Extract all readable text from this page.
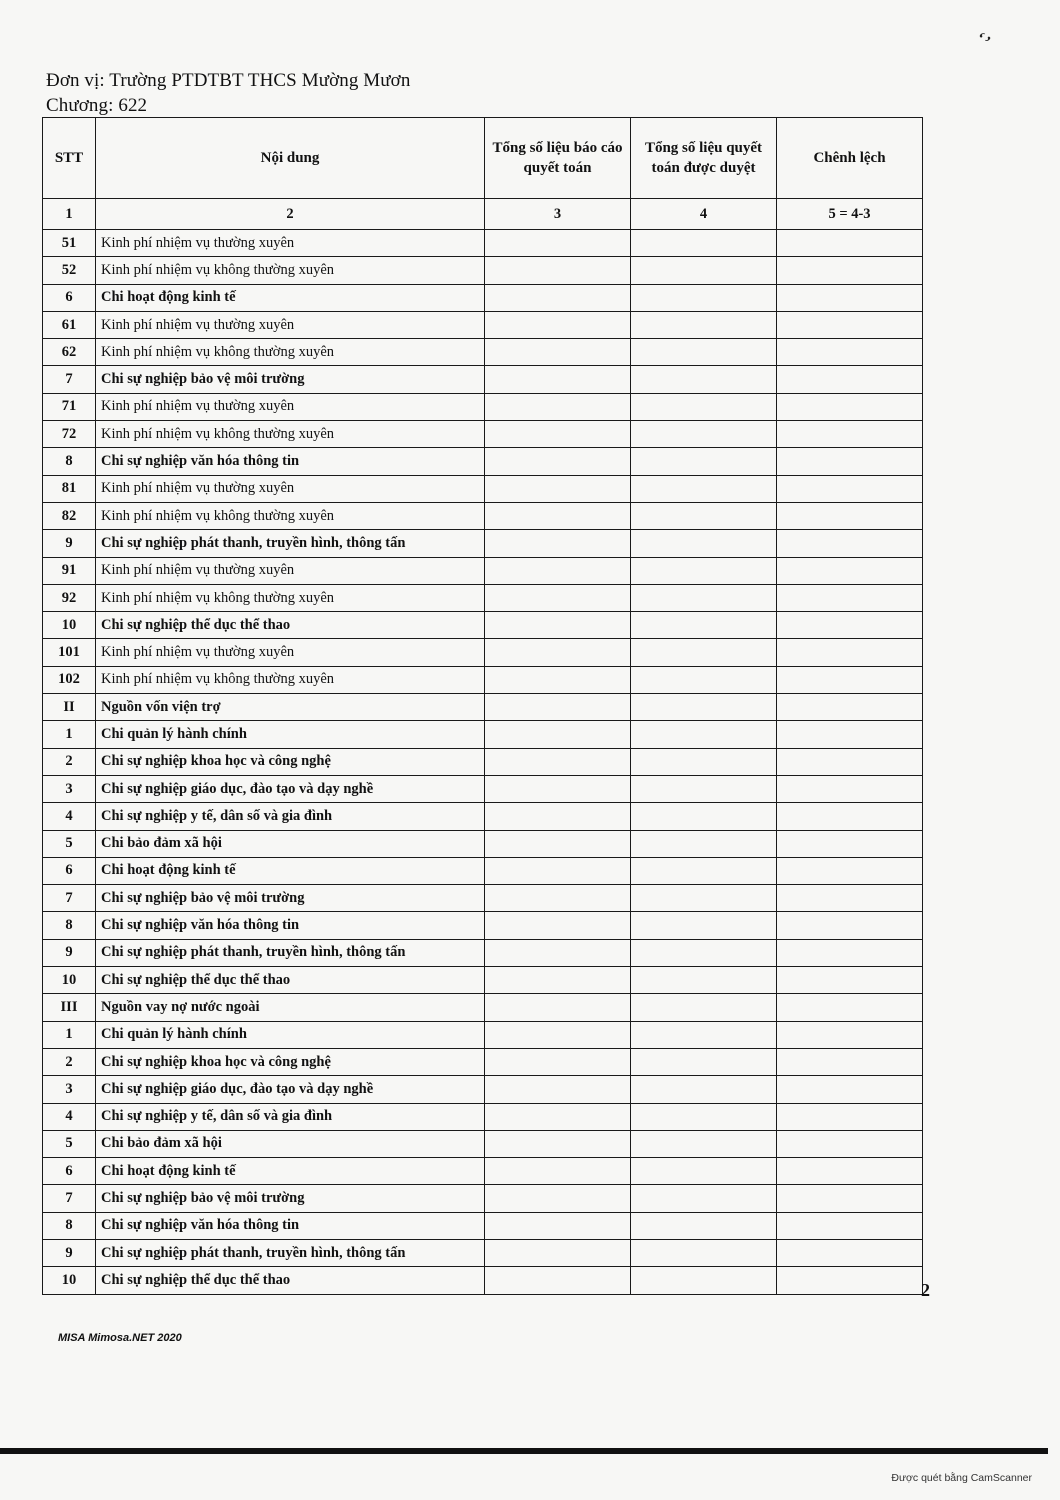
‘’
Đơn vị: Trường PTDTBT THCS Mường Mươn
Chương: 622
STT	Nội dung	Tổng số liệu báo cáo quyết toán	Tổng số liệu quyết toán được duyệt	Chênh lệch
1	2	3	4	5 = 4-3
51	Kinh phí nhiệm vụ thường xuyên			
52	Kinh phí nhiệm vụ không thường xuyên			
6	Chi hoạt động kinh tế			
61	Kinh phí nhiệm vụ thường xuyên			
62	Kinh phí nhiệm vụ không thường xuyên			
7	Chi sự nghiệp bảo vệ môi trường			
71	Kinh phí nhiệm vụ thường xuyên			
72	Kinh phí nhiệm vụ không thường xuyên			
8	Chi sự nghiệp văn hóa thông tin			
81	Kinh phí nhiệm vụ thường xuyên			
82	Kinh phí nhiệm vụ không thường xuyên			
9	Chi sự nghiệp phát thanh, truyền hình, thông tấn			
91	Kinh phí nhiệm vụ thường xuyên			
92	Kinh phí nhiệm vụ không thường xuyên			
10	Chi sự nghiệp thể dục thể thao			
101	Kinh phí nhiệm vụ thường xuyên			
102	Kinh phí nhiệm vụ không thường xuyên			
II	Nguồn vốn viện trợ			
1	Chi quản lý hành chính			
2	Chi sự nghiệp khoa học và công nghệ			
3	Chi sự nghiệp giáo dục, đào tạo và dạy nghề			
4	Chi sự nghiệp y tế, dân số và gia đình			
5	Chi bảo đảm xã hội			
6	Chi hoạt động kinh tế			
7	Chi sự nghiệp bảo vệ môi trường			
8	Chi sự nghiệp văn hóa thông tin			
9	Chi sự nghiệp phát thanh, truyền hình, thông tấn			
10	Chi sự nghiệp thể dục thể thao			
III	Nguồn vay nợ nước ngoài			
1	Chi quản lý hành chính			
2	Chi sự nghiệp khoa học và công nghệ			
3	Chi sự nghiệp giáo dục, đào tạo và dạy nghề			
4	Chi sự nghiệp y tế, dân số và gia đình			
5	Chi bảo đảm xã hội			
6	Chi hoạt động kinh tế			
7	Chi sự nghiệp bảo vệ môi trường			
8	Chi sự nghiệp văn hóa thông tin			
9	Chi sự nghiệp phát thanh, truyền hình, thông tấn			
10	Chi sự nghiệp thể dục thể thao			
2
MISA Mimosa.NET 2020
Được quét bằng CamScanner
